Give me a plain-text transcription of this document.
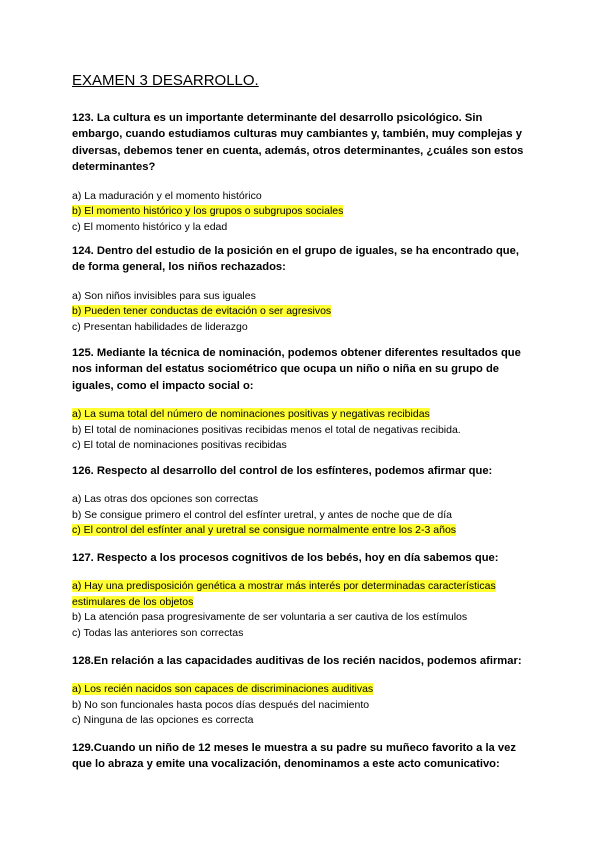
EXAMEN 3 DESARROLLO.

123. La cultura es un importante determinante del desarrollo psicológico. Sin embargo, cuando estudiamos culturas muy cambiantes y, también, muy complejas y diversas, debemos tener en cuenta, además, otros determinantes, ¿cuáles son estos determinantes?

a) La maduración y el momento histórico
b) El momento histórico y los grupos o subgrupos sociales
c) El momento histórico y la edad

124. Dentro del estudio de la posición en el grupo de iguales, se ha encontrado que, de forma general, los niños rechazados:

a) Son niños invisibles para sus iguales
b) Pueden tener conductas de evitación o ser agresivos
c) Presentan habilidades de liderazgo

125. Mediante la técnica de nominación, podemos obtener diferentes resultados que nos informan del estatus sociométrico que ocupa un niño o niña en su grupo de iguales, como el impacto social o:

a) La suma total del número de nominaciones positivas y negativas recibidas
b) El total de nominaciones positivas recibidas menos el total de negativas recibida.
c) El total de nominaciones positivas recibidas

126. Respecto al desarrollo del control de los esfínteres, podemos afirmar que:

a) Las otras dos opciones son correctas
b) Se consigue primero el control del esfínter uretral, y antes de noche que de día
c) El control del esfínter anal y uretral se consigue normalmente entre los 2-3 años

127. Respecto a los procesos cognitivos de los bebés, hoy en día sabemos que:

a) Hay una predisposición genética a mostrar más interés por determinadas características estimulares de los objetos
b) La atención pasa progresivamente de ser voluntaria a ser cautiva de los estímulos
c) Todas las anteriores son correctas

128.En relación a las capacidades auditivas de los recién nacidos, podemos afirmar:

a) Los recién nacidos son capaces de discriminaciones auditivas
b) No son funcionales hasta pocos días después del nacimiento
c) Ninguna de las opciones es correcta

129.Cuando un niño de 12 meses le muestra a su padre su muñeco favorito a la vez que lo abraza y emite una vocalización, denominamos a este acto comunicativo:
